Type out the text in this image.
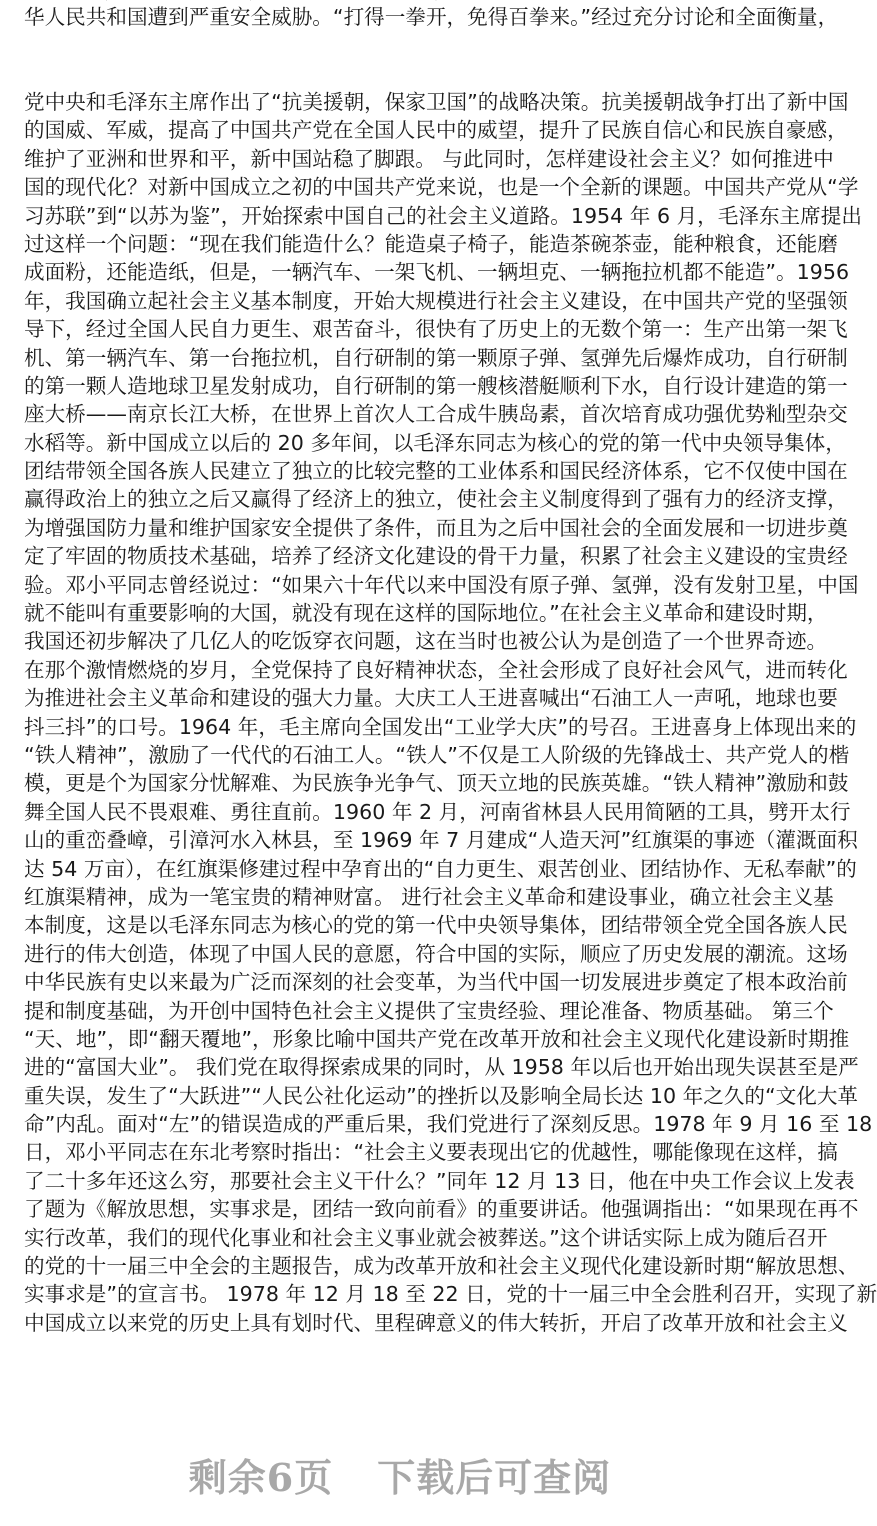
华人民共和国遭到严重安全威胁。“打得一拳开，免得百拳来。”经过充分讨论和全面衡量，
党中央和毛泽东主席作出了“抗美援朝，保家卫国”的战略决策。抗美援朝战争打出了新中国
的国威、军威，提高了中国共产党在全国人民中的威望，提升了民族自信心和民族自豪感，
维护了亚洲和世界和平，新中国站稳了脚跟。 与此同时，怎样建设社会主义？如何推进中
国的现代化？对新中国成立之初的中国共产党来说，也是一个全新的课题。中国共产党从“学
习苏联”到“以苏为鉴”，开始探索中国自己的社会主义道路。1954 年 6 月，毛泽东主席提出
过这样一个问题：“现在我们能造什么？能造桌子椅子，能造茶碗茶壶，能种粮食，还能磨
成面粉，还能造纸，但是，一辆汽车、一架飞机、一辆坦克、一辆拖拉机都不能造”。1956
年，我国确立起社会主义基本制度，开始大规模进行社会主义建设，在中国共产党的坚强领
导下，经过全国人民自力更生、艰苦奋斗，很快有了历史上的无数个第一：生产出第一架飞
机、第一辆汽车、第一台拖拉机，自行研制的第一颗原子弹、氢弹先后爆炸成功，自行研制
的第一颗人造地球卫星发射成功，自行研制的第一艘核潜艇顺利下水，自行设计建造的第一
座大桥——南京长江大桥，在世界上首次人工合成牛胰岛素，首次培育成功强优势籼型杂交
水稻等。新中国成立以后的 20 多年间，以毛泽东同志为核心的党的第一代中央领导集体，
团结带领全国各族人民建立了独立的比较完整的工业体系和国民经济体系，它不仅使中国在
赢得政治上的独立之后又赢得了经济上的独立，使社会主义制度得到了强有力的经济支撑，
为增强国防力量和维护国家安全提供了条件，而且为之后中国社会的全面发展和一切进步奠
定了牢固的物质技术基础，培养了经济文化建设的骨干力量，积累了社会主义建设的宝贵经
验。邓小平同志曾经说过：“如果六十年代以来中国没有原子弹、氢弹，没有发射卫星，中国
就不能叫有重要影响的大国，就没有现在这样的国际地位。”在社会主义革命和建设时期，
我国还初步解决了几亿人的吃饭穿衣问题，这在当时也被公认为是创造了一个世界奇迹。
在那个激情燃烧的岁月，全党保持了良好精神状态，全社会形成了良好社会风气，进而转化
为推进社会主义革命和建设的强大力量。大庆工人王进喜喊出“石油工人一声吼，地球也要
抖三抖”的口号。1964 年，毛主席向全国发出“工业学大庆”的号召。王进喜身上体现出来的
“铁人精神”，激励了一代代的石油工人。“铁人”不仅是工人阶级的先锋战士、共产党人的楷
模，更是个为国家分忧解难、为民族争光争气、顶天立地的民族英雄。“铁人精神”激励和鼓
舞全国人民不畏艰难、勇往直前。1960 年 2 月，河南省林县人民用简陋的工具，劈开太行
山的重峦叠嶂，引漳河水入林县，至 1969 年 7 月建成“人造天河”红旗渠的事迹（灌溉面积
达 54 万亩），在红旗渠修建过程中孕育出的“自力更生、艰苦创业、团结协作、无私奉献”的
红旗渠精神，成为一笔宝贵的精神财富。 进行社会主义革命和建设事业，确立社会主义基
本制度，这是以毛泽东同志为核心的党的第一代中央领导集体，团结带领全党全国各族人民
进行的伟大创造，体现了中国人民的意愿，符合中国的实际，顺应了历史发展的潮流。这场
中华民族有史以来最为广泛而深刻的社会变革，为当代中国一切发展进步奠定了根本政治前
提和制度基础，为开创中国特色社会主义提供了宝贵经验、理论准备、物质基础。 第三个
“天、地”，即“翻天覆地”，形象比喻中国共产党在改革开放和社会主义现代化建设新时期推
进的“富国大业”。 我们党在取得探索成果的同时，从 1958 年以后也开始出现失误甚至是严
重失误，发生了“大跃进”“人民公社化运动”的挫折以及影响全局长达 10 年之久的“文化大革
命”内乱。面对“左”的错误造成的严重后果，我们党进行了深刻反思。1978 年 9 月 16 至 18
日，邓小平同志在东北考察时指出：“社会主义要表现出它的优越性，哪能像现在这样，搞
了二十多年还这么穷，那要社会主义干什么？”同年 12 月 13 日，他在中央工作会议上发表
了题为《解放思想，实事求是，团结一致向前看》的重要讲话。他强调指出：“如果现在再不
实行改革，我们的现代化事业和社会主义事业就会被葬送。”这个讲话实际上成为随后召开
的党的十一届三中全会的主题报告，成为改革开放和社会主义现代化建设新时期“解放思想、
实事求是”的宣言书。 1978 年 12 月 18 至 22 日，党的十一届三中全会胜利召开，实现了新
中国成立以来党的历史上具有划时代、里程碑意义的伟大转折，开启了改革开放和社会主义
剩余6页 下载后可查阅
